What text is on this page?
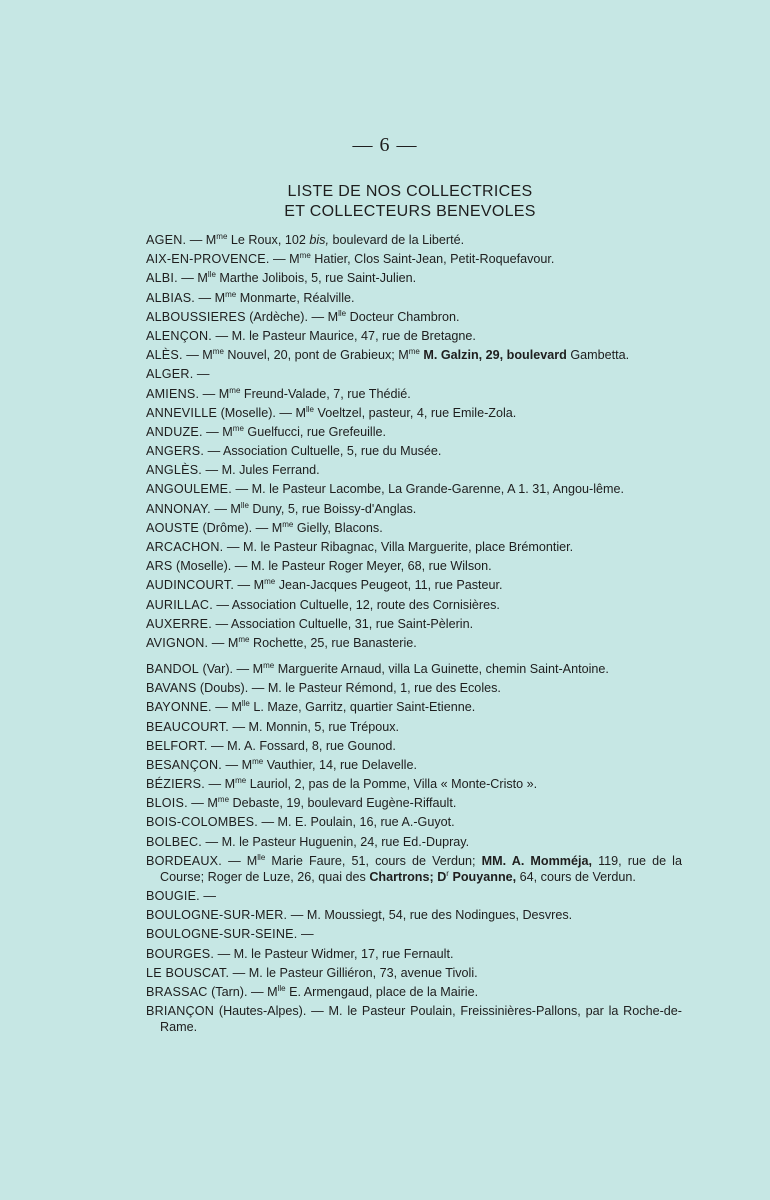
— 6 —
LISTE DE NOS COLLECTRICES
ET COLLECTEURS BENEVOLES

AGEN. — $M^{me}$ Le Roux, 102 bis, boulevard de la Liberté.

AIX-EN-PROVENCE. — $M^{me}$ Hatier, Clos Saint-Jean, Petit-Roquefavour.

ALBI. — $M^{lle}$ Marthe Jolibois, 5, rue Saint-Julien.

ALBIAS. — $M^{me}$ Monmarte, Réalville.

ALBOUSSIERES (Ardèche). — $M^{lle}$ Docteur Chambron.

ALENÇON. — M. le Pasteur Maurice, 47, rue de Bretagne.

ALÈS. — $M^{me}$ Nouvel, 20, pont de Grabieux; $M^{me}$ M. Galzin, 29, boulevard Gambetta.

ALGER. —

AMIENS. — $M^{me}$ Freund-Valade, 7, rue Thédié.

ANNEVILLE (Moselle). — $M^{lle}$ Voeltzel, pasteur, 4, rue Emile-Zola.

ANDUZE. — $M^{me}$ Guelfucci, rue Grefeuille.

ANGERS. — Association Cultuelle, 5, rue du Musée.

ANGLÈS. — M. Jules Ferrand.

ANGOULEME. — M. le Pasteur Lacombe, La Grande-Garenne, A 1. 31, Angou-lême.

ANNONAY. — $M^{lle}$ Duny, 5, rue Boissy-d'Anglas.

AOUSTE (Drôme). — $M^{me}$ Gielly, Blacons.

ARCACHON. — M. le Pasteur Ribagnac, Villa Marguerite, place Brémontier.

ARS (Moselle). — M. le Pasteur Roger Meyer, 68, rue Wilson.

AUDINCOURT. — $M^{me}$ Jean-Jacques Peugeot, 11, rue Pasteur.

AURILLAC. — Association Cultuelle, 12, route des Cornisières.

AUXERRE. — Association Cultuelle, 31, rue Saint-Pèlerin.

AVIGNON. — $M^{me}$ Rochette, 25, rue Banasterie.

BANDOL (Var). — $M^{me}$ Marguerite Arnaud, villa La Guinette, chemin Saint-Antoine.

BAVANS (Doubs). — M. le Pasteur Rémond, 1, rue des Ecoles.

BAYONNE. — $M^{lle}$ L. Maze, Garritz, quartier Saint-Etienne.

BEAUCOURT. — M. Monnin, 5, rue Trépoux.

BELFORT. — M. A. Fossard, 8, rue Gounod.

BESANÇON. — $M^{me}$ Vauthier, 14, rue Delavelle.

BÉZIERS. — $M^{me}$ Lauriol, 2, pas de la Pomme, Villa « Monte-Cristo ».

BLOIS. — $M^{me}$ Debaste, 19, boulevard Eugène-Riffault.

BOIS-COLOMBES. — M. E. Poulain, 16, rue A.-Guyot.

BOLBEC. — M. le Pasteur Huguenin, 24, rue Ed.-Dupray.

BORDEAUX. — $M^{lle}$ Marie Faure, 51, cours de Verdun; MM. A. Momméja, 119, rue de la Course; Roger de Luze, 26, quai des Chartrons; $D^r$ Pouyanne, 64, cours de Verdun.

BOUGIE. —

BOULOGNE-SUR-MER. — M. Moussiegt, 54, rue des Nodingues, Desvres.

BOULOGNE-SUR-SEINE. —

BOURGES. — M. le Pasteur Widmer, 17, rue Fernault.

LE BOUSCAT. — M. le Pasteur Gilliéron, 73, avenue Tivoli.

BRASSAC (Tarn). — $M^{lle}$ E. Armengaud, place de la Mairie.

BRIANÇON (Hautes-Alpes). — M. le Pasteur Poulain, Freissinières-Pallons, par la Roche-de-Rame.
